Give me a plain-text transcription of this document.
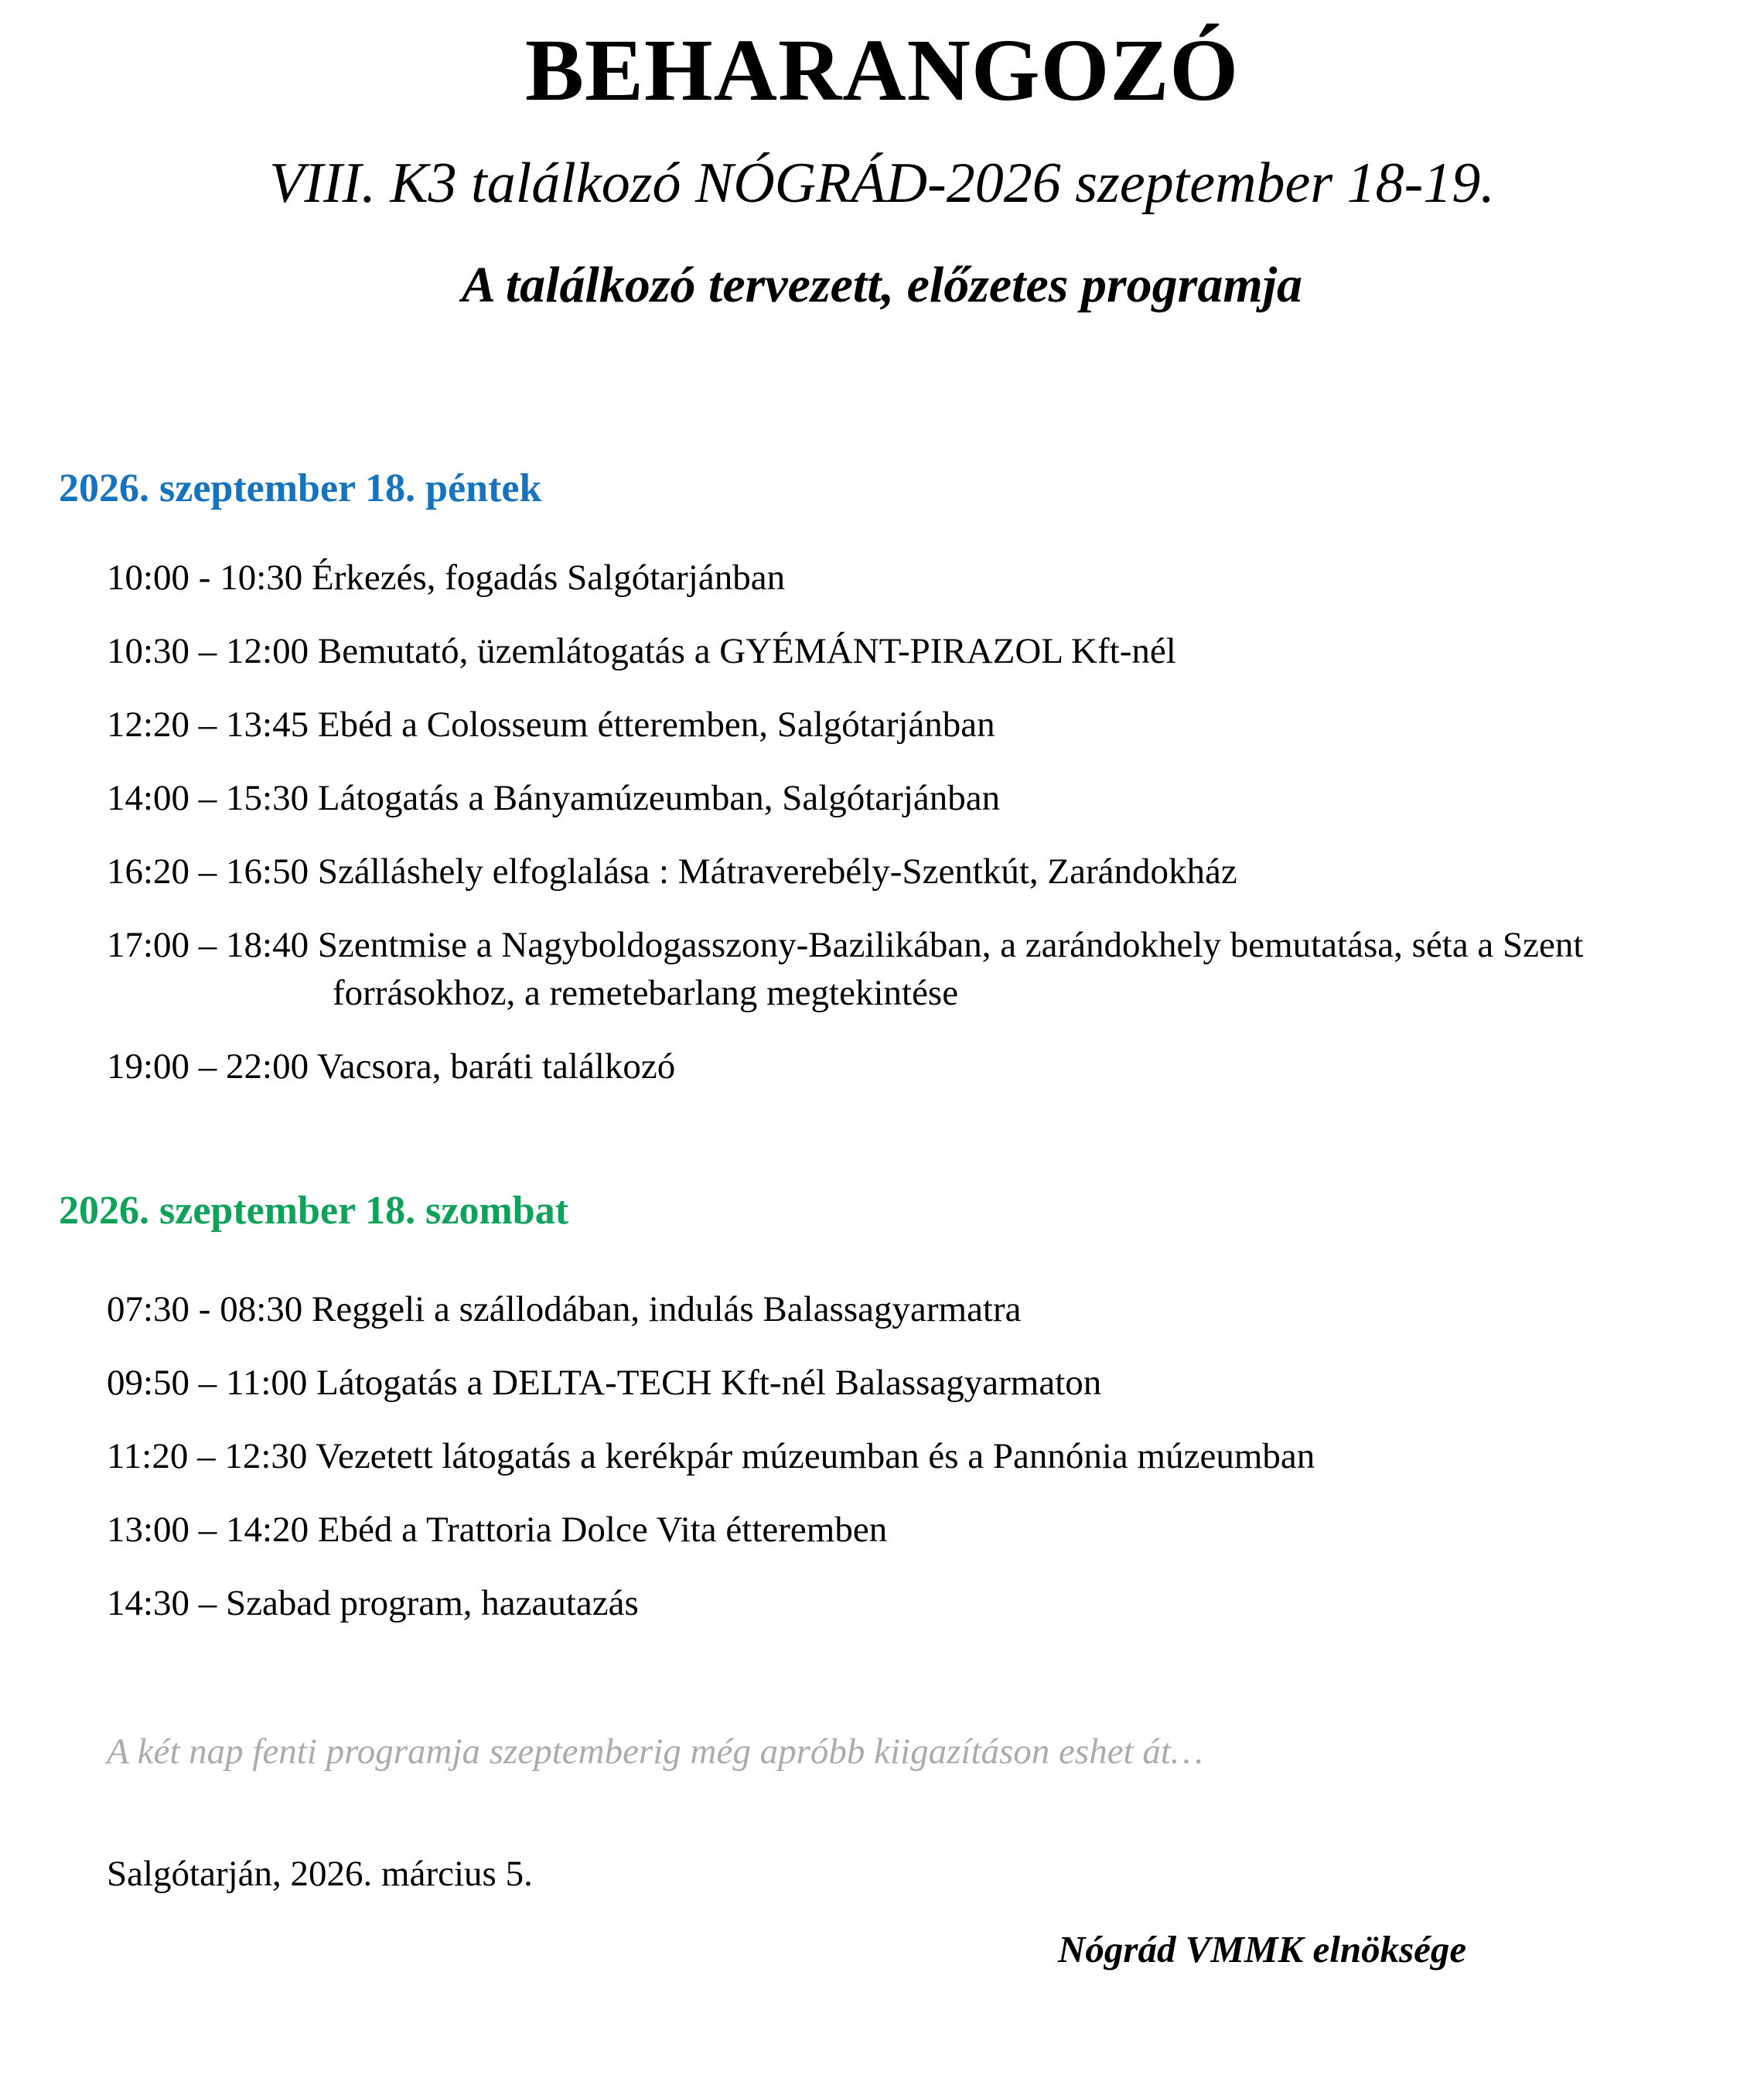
BEHARANGOZÓ
VIII. K3 találkozó NÓGRÁD-2026 szeptember 18-19.
A találkozó tervezett, előzetes programja
2026. szeptember 18. péntek

10:00 - 10:30 Érkezés, fogadás Salgótarjánban

10:30 – 12:00 Bemutató, üzemlátogatás a GYÉMÁNT-PIRAZOL Kft-nél

12:20 – 13:45 Ebéd a Colosseum étteremben, Salgótarjánban

14:00 – 15:30 Látogatás a Bányamúzeumban, Salgótarjánban

16:20 – 16:50 Szálláshely elfoglalása : Mátraverebély-Szentkút, Zarándokház

17:00 – 18:40 Szentmise a Nagyboldogasszony-Bazilikában, a zarándokhely bemutatása, séta a Szent forrásokhoz, a remetebarlang megtekintése

19:00 – 22:00 Vacsora, baráti találkozó

2026. szeptember 18. szombat

07:30 - 08:30 Reggeli a szállodában, indulás Balassagyarmatra

09:50 – 11:00 Látogatás a DELTA-TECH Kft-nél Balassagyarmaton

11:20 – 12:30 Vezetett látogatás a kerékpár múzeumban és a Pannónia múzeumban

13:00 – 14:20 Ebéd a Trattoria Dolce Vita étteremben

14:30 – Szabad program, hazautazás

A két nap fenti programja szeptemberig még apróbb kiigazításon eshet át…
Salgótarján, 2026. március 5.
Nógrád VMMK elnöksége
